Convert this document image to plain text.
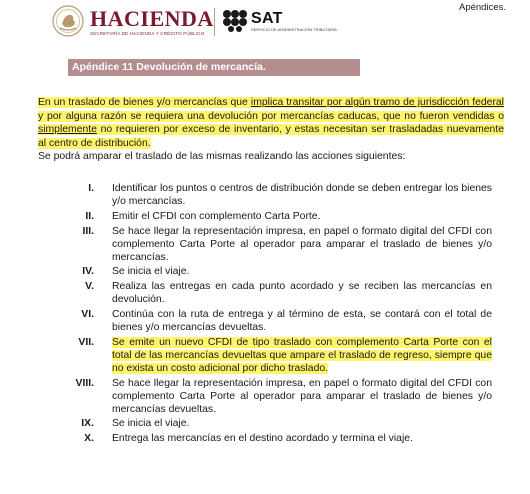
HACIENDA
SECRETARÍA DE HACIENDA Y CRÉDITO PÚBLICO
SAT
SERVICIO DE ADMINISTRACIÓN TRIBUTARIA
Apéndices.
Apéndice 11 Devolución de mercancía.

En un traslado de bienes y/o mercancías que implica transitar por algún tramo de jurisdicción federal y por alguna razón se requiera una devolución por mercancías caducas, que no fueron vendidas o simplemente no requieren por exceso de inventario, y estas necesitan ser trasladadas nuevamente al centro de distribución.

Se podrá amparar el traslado de las mismas realizando las acciones siguientes:

I. Identificar los puntos o centros de distribución donde se deben entregar los bienes y/o mercancías.
II. Emitir el CFDI con complemento Carta Porte.
III. Se hace llegar la representación impresa, en papel o formato digital del CFDI con complemento Carta Porte al operador para amparar el traslado de bienes y/o mercancías.
IV. Se inicia el viaje.
V. Realiza las entregas en cada punto acordado y se reciben las mercancías en devolución.
VI. Continúa con la ruta de entrega y al término de esta, se contará con el total de bienes y/o mercancías devueltas.
VII. Se emite un nuevo CFDI de tipo traslado con complemento Carta Porte con el total de las mercancías devueltas que ampare el traslado de regreso, siempre que no exista un costo adicional por dicho traslado.
VIII. Se hace llegar la representación impresa, en papel o formato digital del CFDI con complemento Carta Porte al operador para amparar el traslado de bienes y/o mercancías devueltas.
IX. Se inicia el viaje.
X. Entrega las mercancías en el destino acordado y termina el viaje.
